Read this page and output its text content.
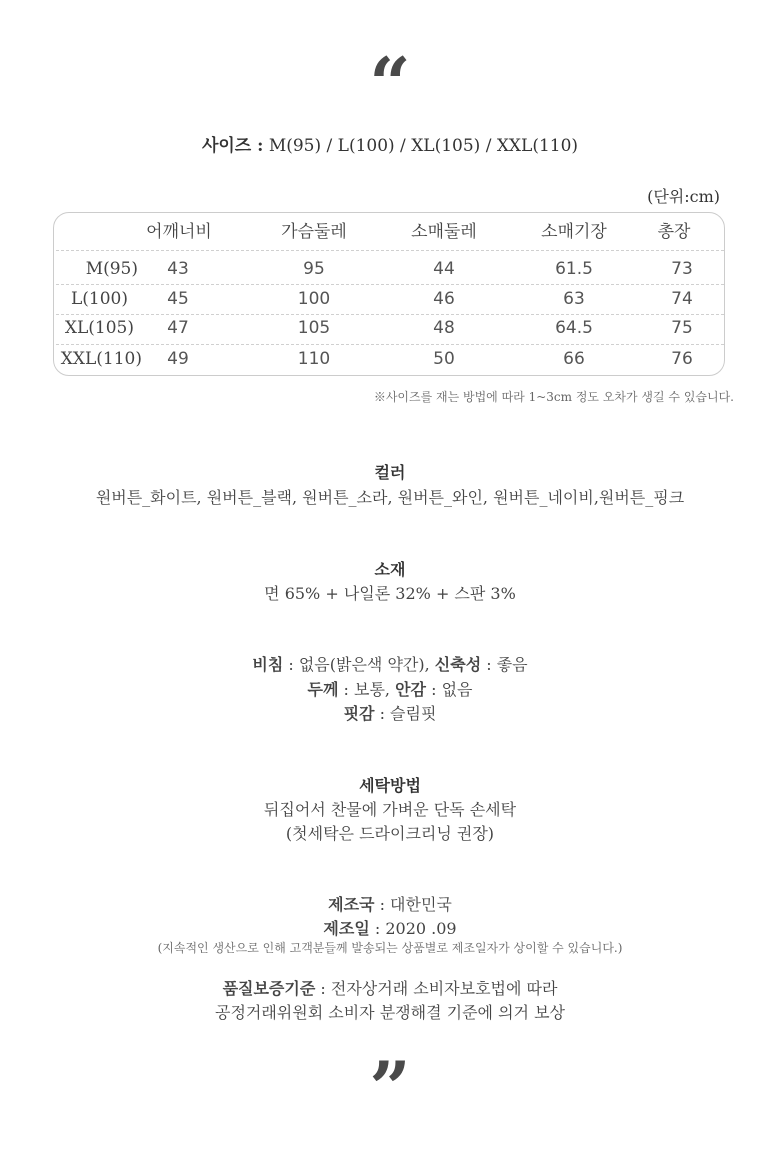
“
사이즈 : M(95) / L(100) / XL(105) / XXL(110)
(단위:cm)
어깨너비	가슴둘레	소매둘레	소매기장	총장
M(95)	43	95	44	61.5	73
L(100)	45	100	46	63	74
XL(105)	47	105	48	64.5	75
XXL(110)	49	110	50	66	76
※사이즈를 재는 방법에 따라 1~3cm 정도 오차가 생길 수 있습니다.
컬러
원버튼_화이트, 원버튼_블랙, 원버튼_소라, 원버튼_와인, 원버튼_네이비,원버튼_핑크
소재
면 65% + 나일론 32% + 스판 3%
비침 : 없음(밝은색 약간), 신축성 : 좋음
두께 : 보통, 안감 : 없음
핏감 : 슬림핏
세탁방법
뒤집어서 찬물에 가벼운 단독 손세탁
(첫세탁은 드라이크리닝 권장)
제조국 : 대한민국
제조일 : 2020 .09
(지속적인 생산으로 인해 고객분들께 발송되는 상품별로 제조일자가 상이할 수 있습니다.)
품질보증기준 : 전자상거래 소비자보호법에 따라
공정거래위원회 소비자 분쟁해결 기준에 의거 보상
”
